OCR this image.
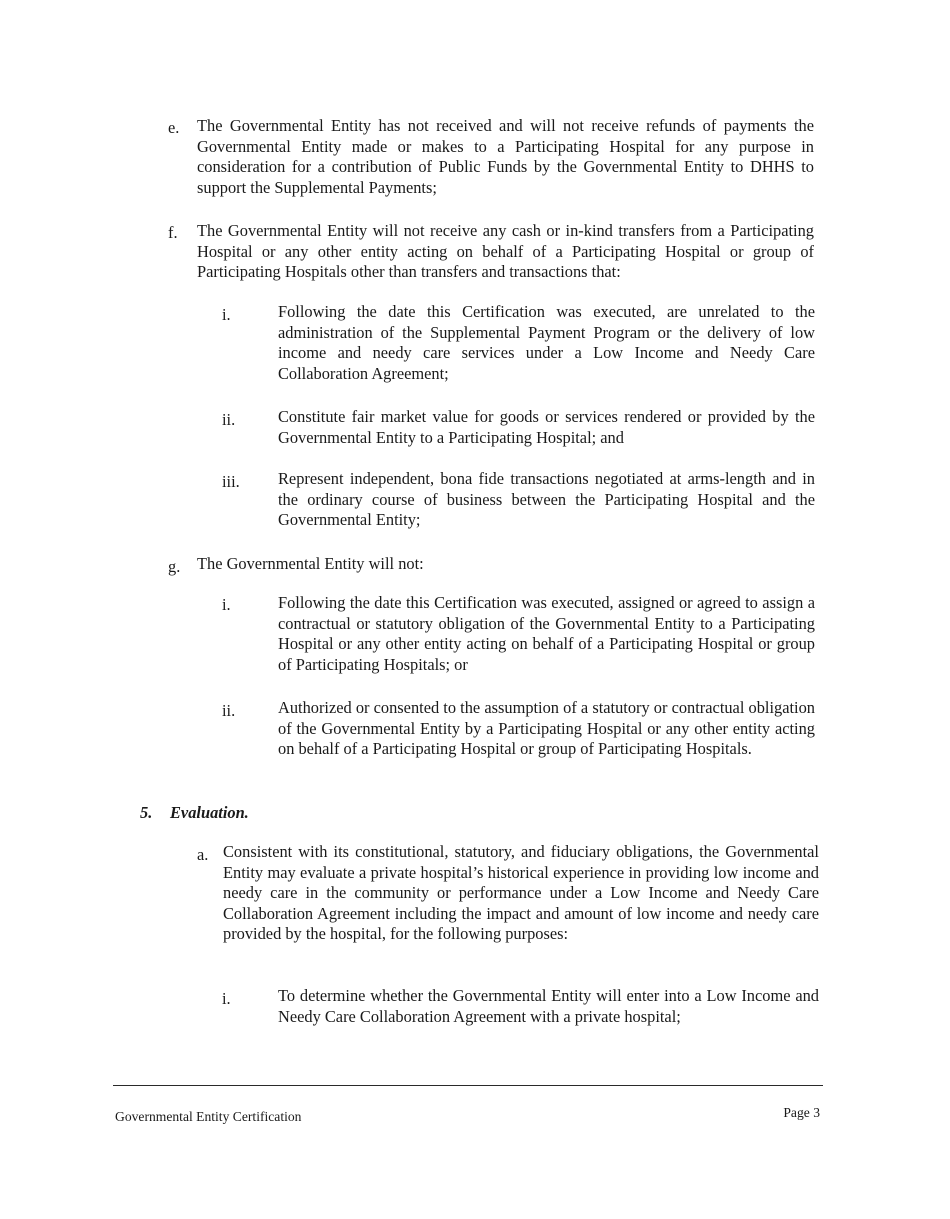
e. The Governmental Entity has not received and will not receive refunds of payments the Governmental Entity made or makes to a Participating Hospital for any purpose in consideration for a contribution of Public Funds by the Governmental Entity to DHHS to support the Supplemental Payments;

f. The Governmental Entity will not receive any cash or in-kind transfers from a Participating Hospital or any other entity acting on behalf of a Participating Hospital or group of Participating Hospitals other than transfers and transactions that:

i.	Following the date this Certification was executed, are unrelated to the administration of the Supplemental Payment Program or the delivery of low income and needy care services under a Low Income and Needy Care Collaboration Agreement;

ii.	Constitute fair market value for goods or services rendered or provided by the Governmental Entity to a Participating Hospital; and

iii. Represent independent, bona fide transactions negotiated at arms-length and in the ordinary course of business between the Participating Hospital and the Governmental Entity;

g. The Governmental Entity will not:

i.	Following the date this Certification was executed, assigned or agreed to assign a contractual or statutory obligation of the Governmental Entity to a Participating Hospital or any other entity acting on behalf of a Participating Hospital or group of Participating Hospitals; or

ii.	Authorized or consented to the assumption of a statutory or contractual obligation of the Governmental Entity by a Participating Hospital or any other entity acting on behalf of a Participating Hospital or group of Participating Hospitals.

5. Evaluation.
a. Consistent with its constitutional, statutory, and fiduciary obligations, the Governmental Entity may evaluate a private hospital’s historical experience in providing low income and needy care in the community or performance under a Low Income and Needy Care Collaboration Agreement including the impact and amount of low income and needy care provided by the hospital, for the following purposes:

i.	To determine whether the Governmental Entity will enter into a Low Income and Needy Care Collaboration Agreement with a private hospital;

Governmental Entity Certification	Page 3
